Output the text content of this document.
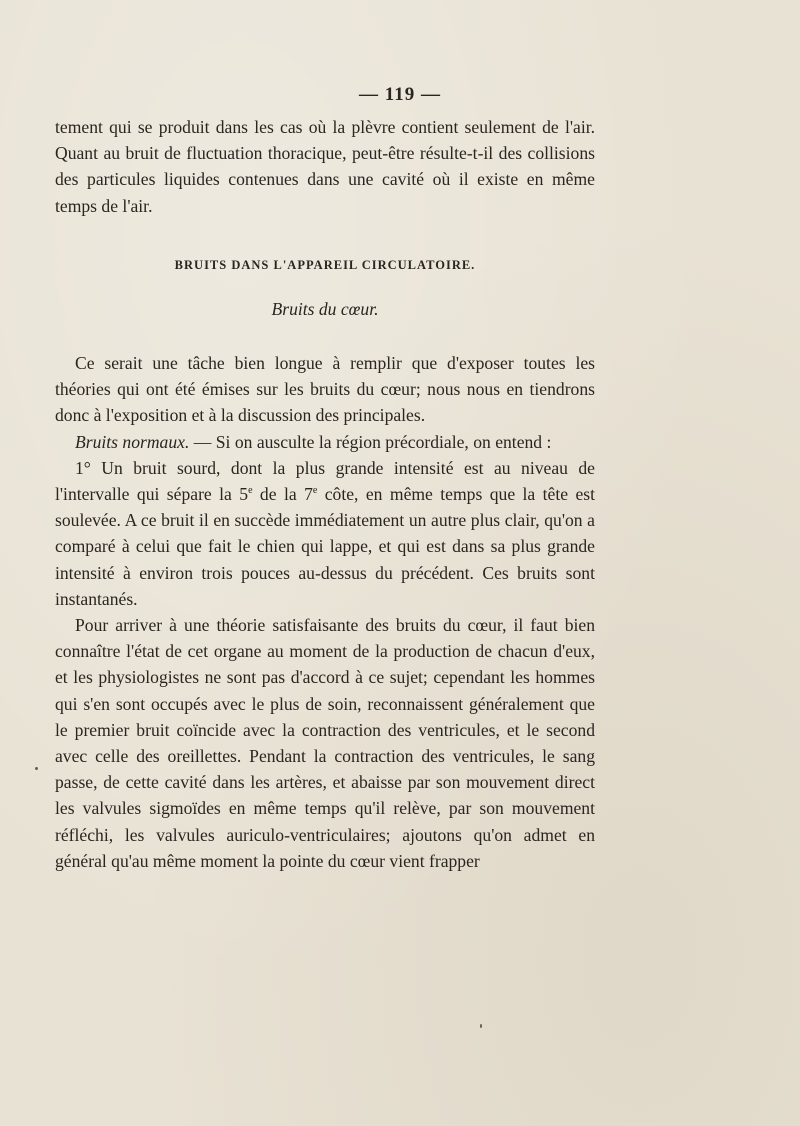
— 119 —

tement qui se produit dans les cas où la plèvre contient seulement de l'air. Quant au bruit de fluctuation thoracique, peut-être résulte-t-il des collisions des particules liquides contenues dans une cavité où il existe en même temps de l'air.

BRUITS DANS L'APPAREIL CIRCULATOIRE.
Bruits du cœur.

Ce serait une tâche bien longue à remplir que d'exposer toutes les théories qui ont été émises sur les bruits du cœur; nous nous en tiendrons donc à l'exposition et à la discussion des principales.

Bruits normaux. — Si on ausculte la région précordiale, on entend :

1° Un bruit sourd, dont la plus grande intensité est au niveau de l'intervalle qui sépare la 5e de la 7e côte, en même temps que la tête est soulevée. A ce bruit il en succède immédiatement un autre plus clair, qu'on a comparé à celui que fait le chien qui lappe, et qui est dans sa plus grande intensité à environ trois pouces au-dessus du précédent. Ces bruits sont instantanés.

Pour arriver à une théorie satisfaisante des bruits du cœur, il faut bien connaître l'état de cet organe au moment de la production de chacun d'eux, et les physiologistes ne sont pas d'accord à ce sujet; cependant les hommes qui s'en sont occupés avec le plus de soin, reconnaissent généralement que le premier bruit coïncide avec la contraction des ventricules, et le second avec celle des oreillettes. Pendant la contraction des ventricules, le sang passe, de cette cavité dans les artères, et abaisse par son mouvement direct les valvules sigmoïdes en même temps qu'il relève, par son mouvement réfléchi, les valvules auriculo-ventriculaires; ajoutons qu'on admet en général qu'au même moment la pointe du cœur vient frapper
